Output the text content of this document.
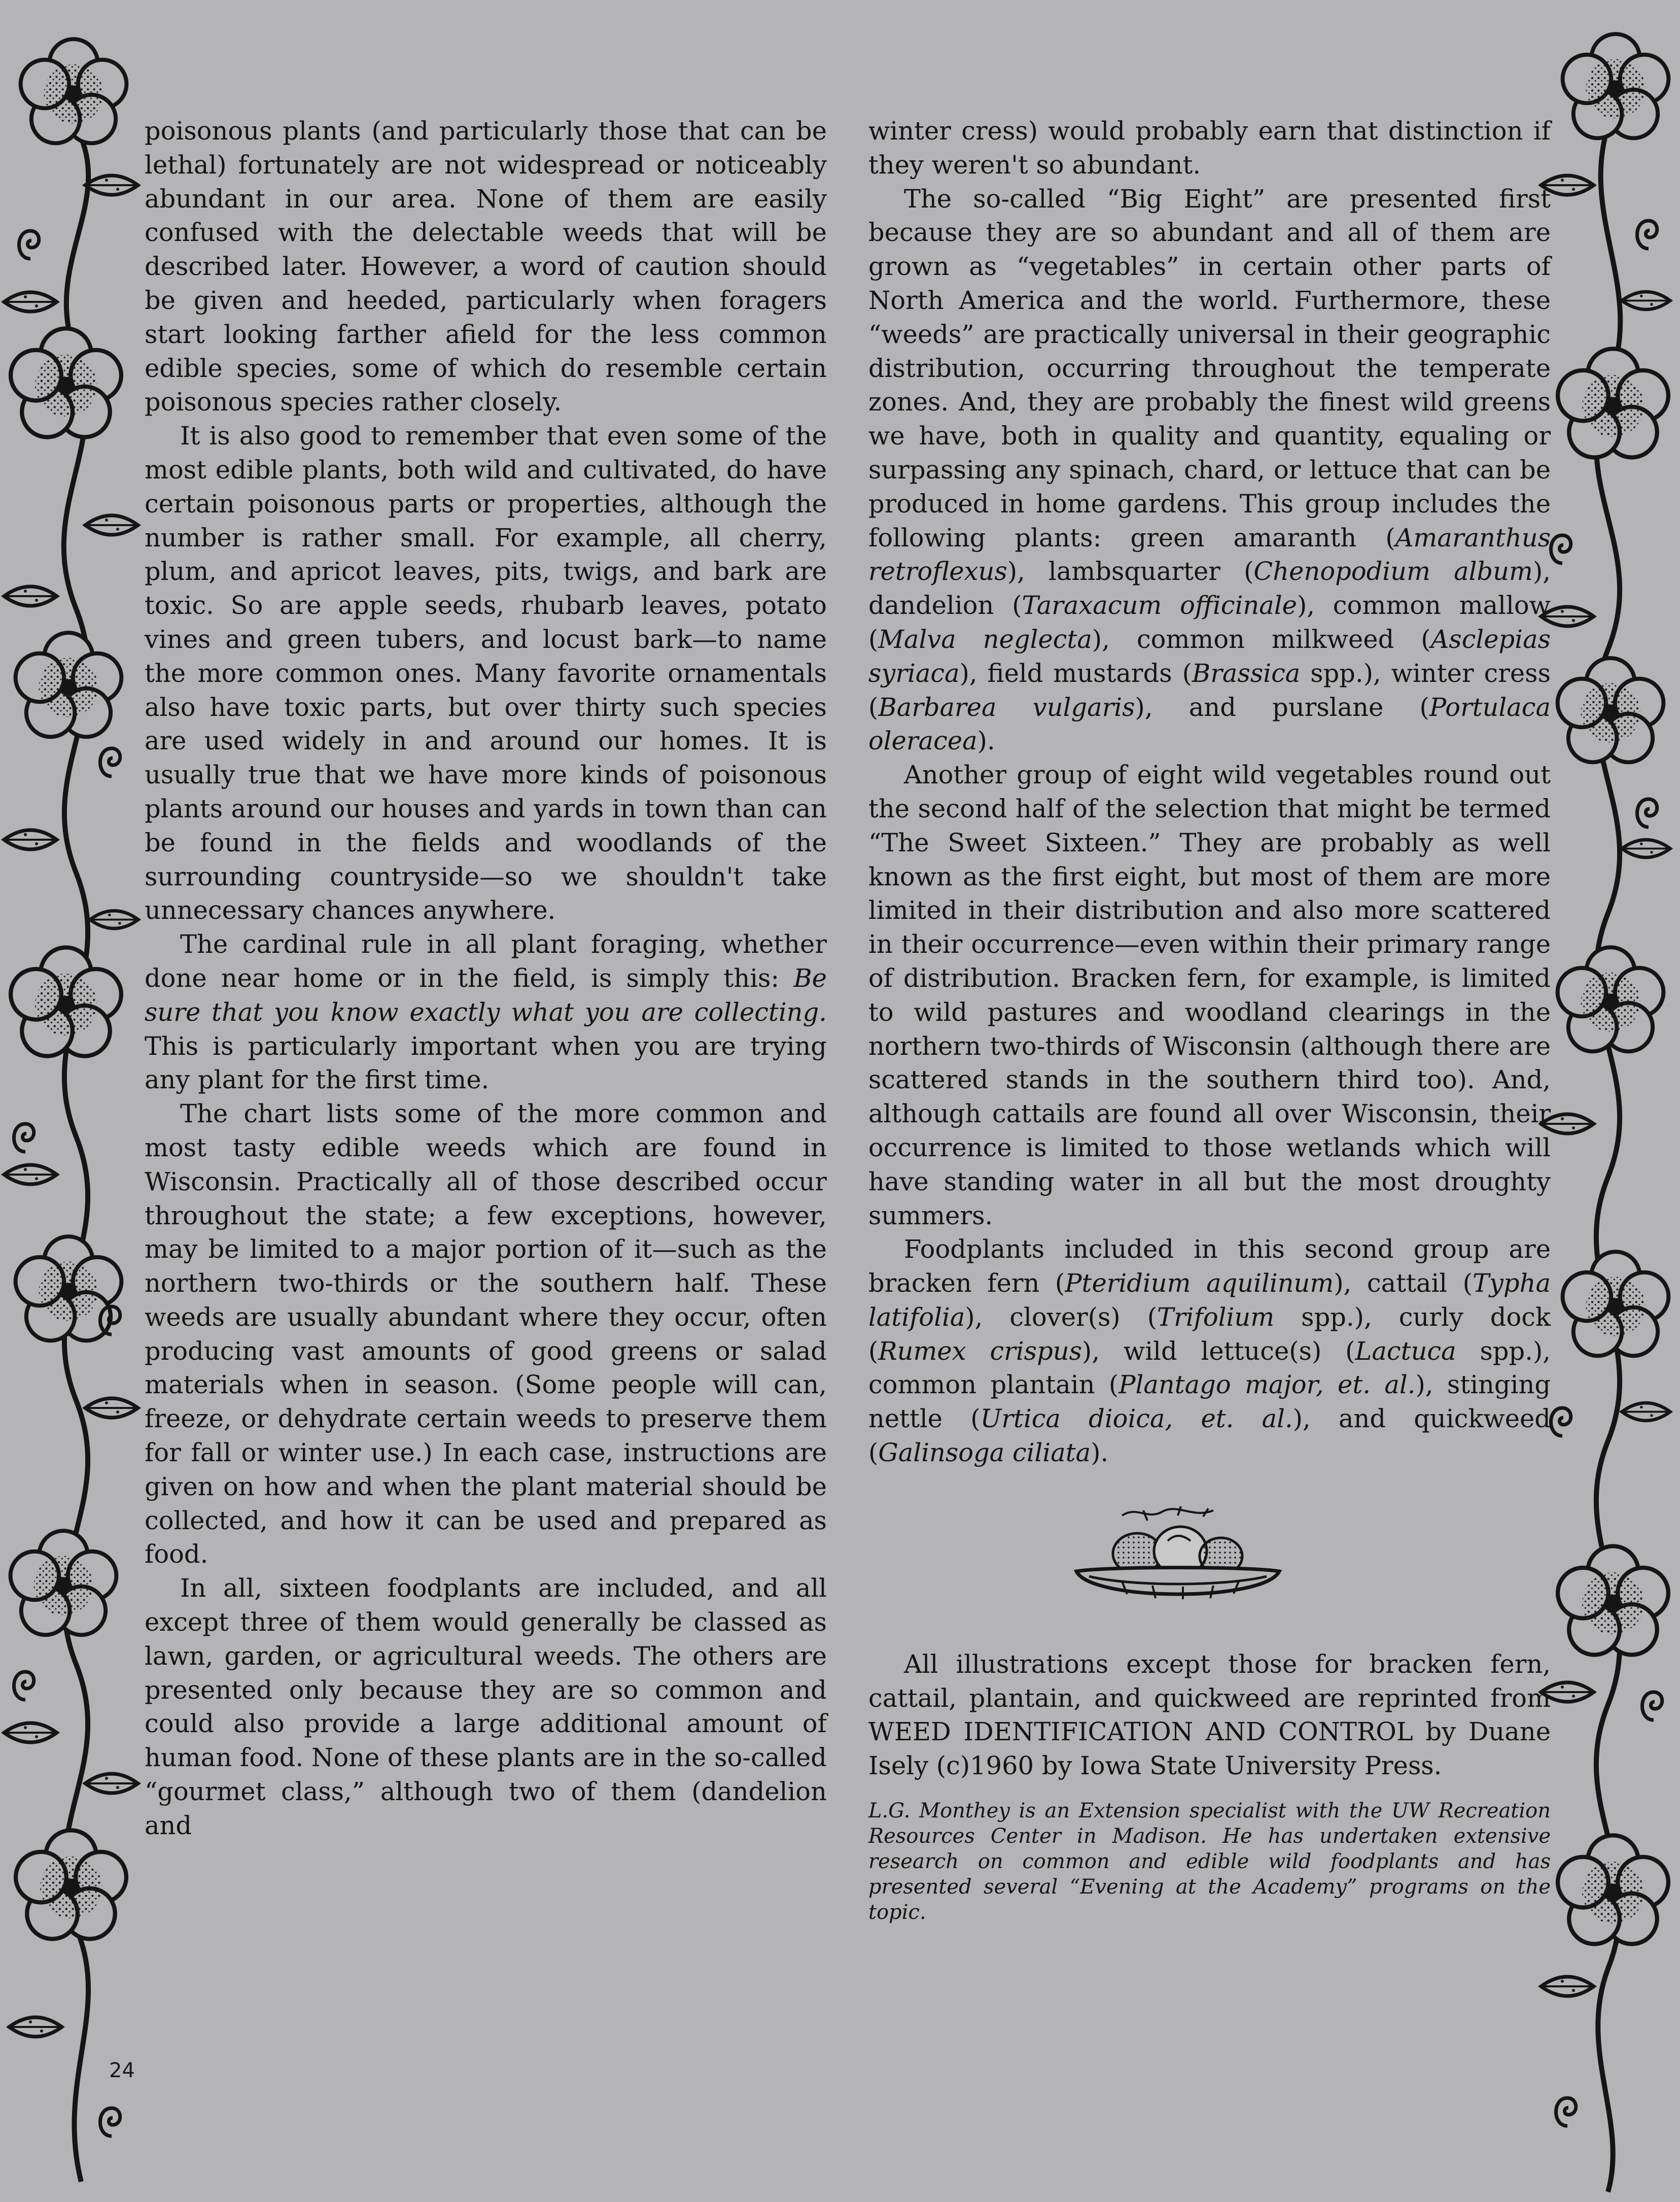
poisonous plants (and particularly those that can be lethal) fortunately are not widespread or noticeably abundant in our area. None of them are easily confused with the delectable weeds that will be described later. However, a word of caution should be given and heeded, particularly when foragers start looking farther afield for the less common edible species, some of which do resemble certain poisonous species rather closely.

It is also good to remember that even some of the most edible plants, both wild and cultivated, do have certain poisonous parts or properties, although the number is rather small. For example, all cherry, plum, and apricot leaves, pits, twigs, and bark are toxic. So are apple seeds, rhubarb leaves, potato vines and green tubers, and locust bark—to name the more common ones. Many favorite ornamentals also have toxic parts, but over thirty such species are used widely in and around our homes. It is usually true that we have more kinds of poisonous plants around our houses and yards in town than can be found in the fields and woodlands of the surrounding countryside—so we shouldn't take unnecessary chances anywhere.

The cardinal rule in all plant foraging, whether done near home or in the field, is simply this: Be sure that you know exactly what you are collecting. This is particularly important when you are trying any plant for the first time.

The chart lists some of the more common and most tasty edible weeds which are found in Wisconsin. Practically all of those described occur throughout the state; a few exceptions, however, may be limited to a major portion of it—such as the northern two-thirds or the southern half. These weeds are usually abundant where they occur, often producing vast amounts of good greens or salad materials when in season. (Some people will can, freeze, or dehydrate certain weeds to preserve them for fall or winter use.) In each case, instructions are given on how and when the plant material should be collected, and how it can be used and prepared as food.

In all, sixteen foodplants are included, and all except three of them would generally be classed as lawn, garden, or agricultural weeds. The others are presented only because they are so common and could also provide a large additional amount of human food. None of these plants are in the so-called “gourmet class,” although two of them (dandelion and

winter cress) would probably earn that distinction if they weren't so abundant.

The so-called “Big Eight” are presented first because they are so abundant and all of them are grown as “vegetables” in certain other parts of North America and the world. Furthermore, these “weeds” are practically universal in their geographic distribution, occurring throughout the temperate zones. And, they are probably the finest wild greens we have, both in quality and quantity, equaling or surpassing any spinach, chard, or lettuce that can be produced in home gardens. This group includes the following plants: green amaranth (Amaranthus retroflexus), lambsquarter (Chenopodium album), dandelion (Taraxacum officinale), common mallow (Malva neglecta), common milkweed (Asclepias syriaca), field mustards (Brassica spp.), winter cress (Barbarea vulgaris), and purslane (Portulaca oleracea).

Another group of eight wild vegetables round out the second half of the selection that might be termed “The Sweet Sixteen.” They are probably as well known as the first eight, but most of them are more limited in their distribution and also more scattered in their occurrence—even within their primary range of distribution. Bracken fern, for example, is limited to wild pastures and woodland clearings in the northern two-thirds of Wisconsin (although there are scattered stands in the southern third too). And, although cattails are found all over Wisconsin, their occurrence is limited to those wetlands which will have standing water in all but the most droughty summers.

Foodplants included in this second group are bracken fern (Pteridium aquilinum), cattail (Typha latifolia), clover(s) (Trifolium spp.), curly dock (Rumex crispus), wild lettuce(s) (Lactuca spp.), common plantain (Plantago major, et. al.), stinging nettle (Urtica dioica, et. al.), and quickweed (Galinsoga ciliata).

All illustrations except those for bracken fern, cattail, plantain, and quickweed are reprinted from WEED IDENTIFICATION AND CONTROL by Duane Isely (c)1960 by Iowa State University Press.

L.G. Monthey is an Extension specialist with the UW Recreation Resources Center in Madison. He has undertaken extensive research on common and edible wild foodplants and has presented several “Evening at the Academy” programs on the topic.

24
